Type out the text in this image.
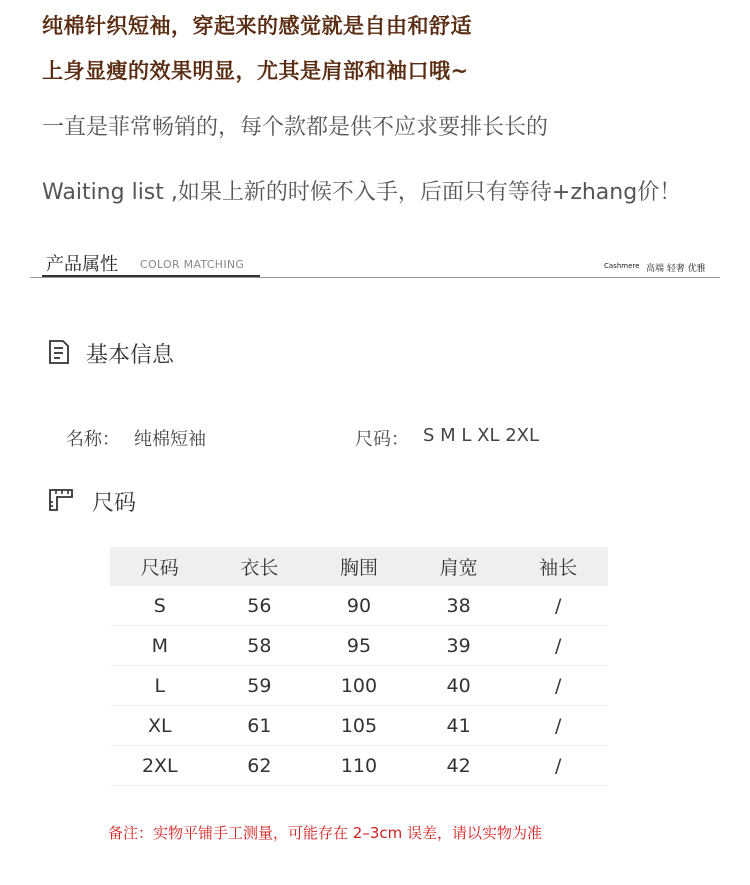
纯棉针织短袖，穿起来的感觉就是自由和舒适
上身显瘦的效果明显，尤其是肩部和袖口哦~
一直是菲常畅销的，每个款都是供不应求要排长长的
Waiting list ,如果上新的时候不入手，后面只有等待+zhang价！
产品属性 COLOR MATCHING	Cashmere 高端 轻奢 优雅
基本信息
名称： 纯棉短袖	尺码： S M L XL 2XL
尺码
尺码	衣长	胸围	肩宽	袖长
S	56	90	38	/
M	58	95	39	/
L	59	100	40	/
XL	61	105	41	/
2XL	62	110	42	/
备注：实物平铺手工测量，可能存在 2–3cm 误差，请以实物为准
